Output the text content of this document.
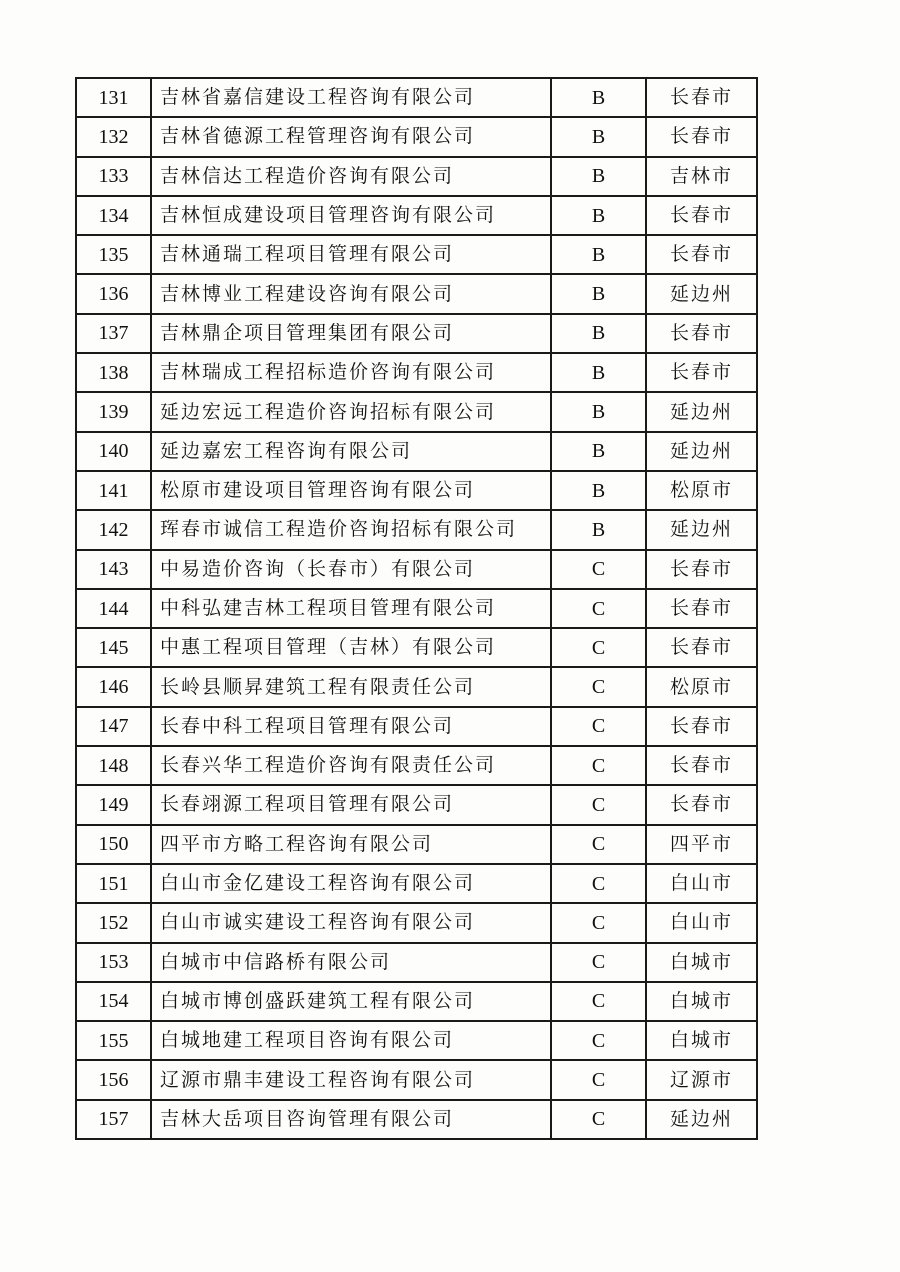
131	吉林省嘉信建设工程咨询有限公司	B	长春市
132	吉林省德源工程管理咨询有限公司	B	长春市
133	吉林信达工程造价咨询有限公司	B	吉林市
134	吉林恒成建设项目管理咨询有限公司	B	长春市
135	吉林通瑞工程项目管理有限公司	B	长春市
136	吉林博业工程建设咨询有限公司	B	延边州
137	吉林鼎企项目管理集团有限公司	B	长春市
138	吉林瑞成工程招标造价咨询有限公司	B	长春市
139	延边宏远工程造价咨询招标有限公司	B	延边州
140	延边嘉宏工程咨询有限公司	B	延边州
141	松原市建设项目管理咨询有限公司	B	松原市
142	珲春市诚信工程造价咨询招标有限公司	B	延边州
143	中易造价咨询（长春市）有限公司	C	长春市
144	中科弘建吉林工程项目管理有限公司	C	长春市
145	中惠工程项目管理（吉林）有限公司	C	长春市
146	长岭县顺昇建筑工程有限责任公司	C	松原市
147	长春中科工程项目管理有限公司	C	长春市
148	长春兴华工程造价咨询有限责任公司	C	长春市
149	长春翊源工程项目管理有限公司	C	长春市
150	四平市方略工程咨询有限公司	C	四平市
151	白山市金亿建设工程咨询有限公司	C	白山市
152	白山市诚实建设工程咨询有限公司	C	白山市
153	白城市中信路桥有限公司	C	白城市
154	白城市博创盛跃建筑工程有限公司	C	白城市
155	白城地建工程项目咨询有限公司	C	白城市
156	辽源市鼎丰建设工程咨询有限公司	C	辽源市
157	吉林大岳项目咨询管理有限公司	C	延边州
